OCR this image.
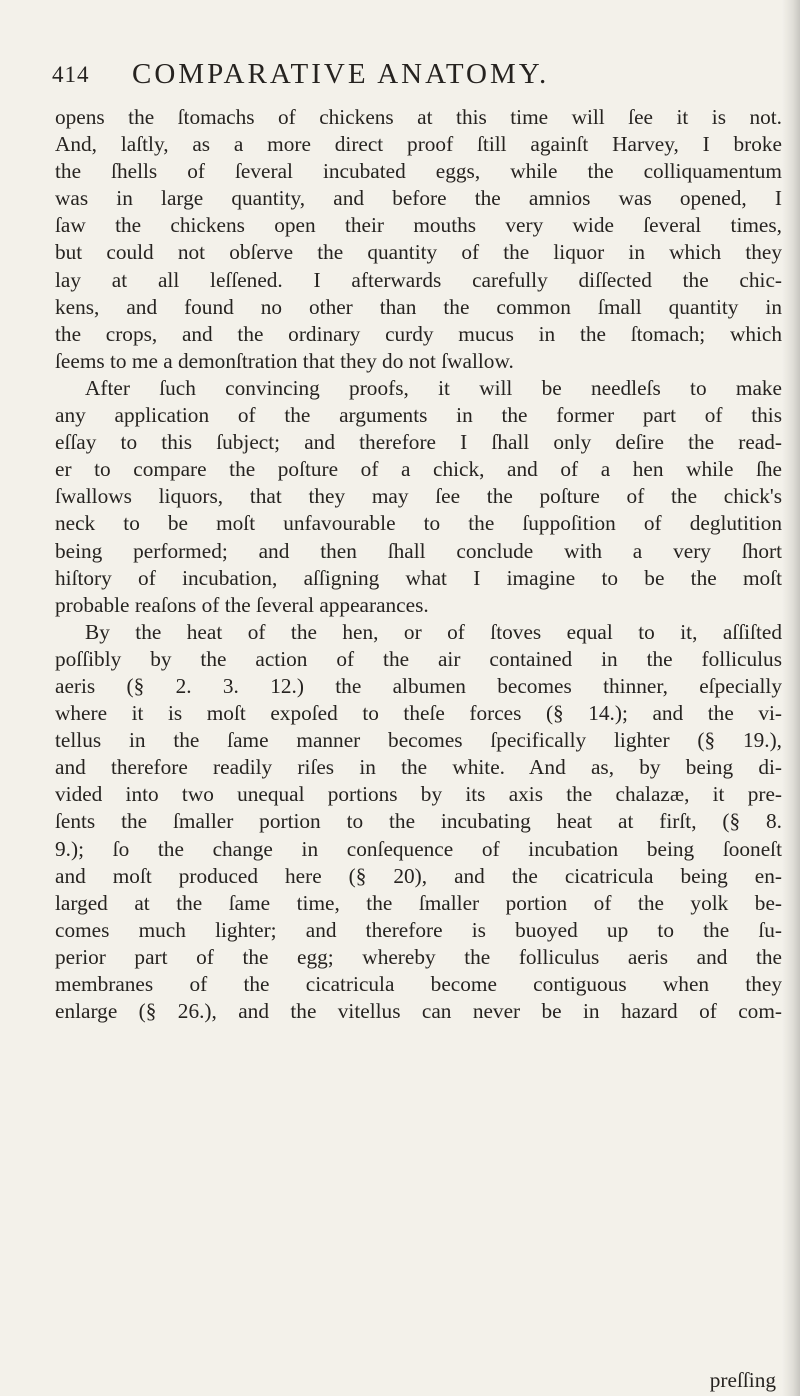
414 COMPARATIVE ANATOMY.
opens the ſtomachs of chickens at this time will ſee it is not.
And, laſtly, as a more direct proof ſtill againſt Harvey, I broke
the ſhells of ſeveral incubated eggs, while the colliquamentum
was in large quantity, and before the amnios was opened, I
ſaw the chickens open their mouths very wide ſeveral times,
but could not obſerve the quantity of the liquor in which they
lay at all leſſened. I afterwards carefully diſſected the chic-
kens, and found no other than the common ſmall quantity in
the crops, and the ordinary curdy mucus in the ſtomach; which
ſeems to me a demonſtration that they do not ſwallow.
After ſuch convincing proofs, it will be needleſs to make
any application of the arguments in the former part of this
eſſay to this ſubject; and therefore I ſhall only deſire the read-
er to compare the poſture of a chick, and of a hen while ſhe
ſwallows liquors, that they may ſee the poſture of the chick's
neck to be moſt unfavourable to the ſuppoſition of deglutition
being performed; and then ſhall conclude with a very ſhort
hiſtory of incubation, aſſigning what I imagine to be the moſt
probable reaſons of the ſeveral appearances.
By the heat of the hen, or of ſtoves equal to it, aſſiſted
poſſibly by the action of the air contained in the folliculus
aeris (§ 2. 3. 12.) the albumen becomes thinner, eſpecially
where it is moſt expoſed to theſe forces (§ 14.); and the vi-
tellus in the ſame manner becomes ſpecifically lighter (§ 19.),
and therefore readily riſes in the white. And as, by being di-
vided into two unequal portions by its axis the chalazæ, it pre-
ſents the ſmaller portion to the incubating heat at firſt, (§ 8.
9.); ſo the change in conſequence of incubation being ſooneſt
and moſt produced here (§ 20), and the cicatricula being en-
larged at the ſame time, the ſmaller portion of the yolk be-
comes much lighter; and therefore is buoyed up to the ſu-
perior part of the egg; whereby the folliculus aeris and the
membranes of the cicatricula become contiguous when they
enlarge (§ 26.), and the vitellus can never be in hazard of com-
preſſing
